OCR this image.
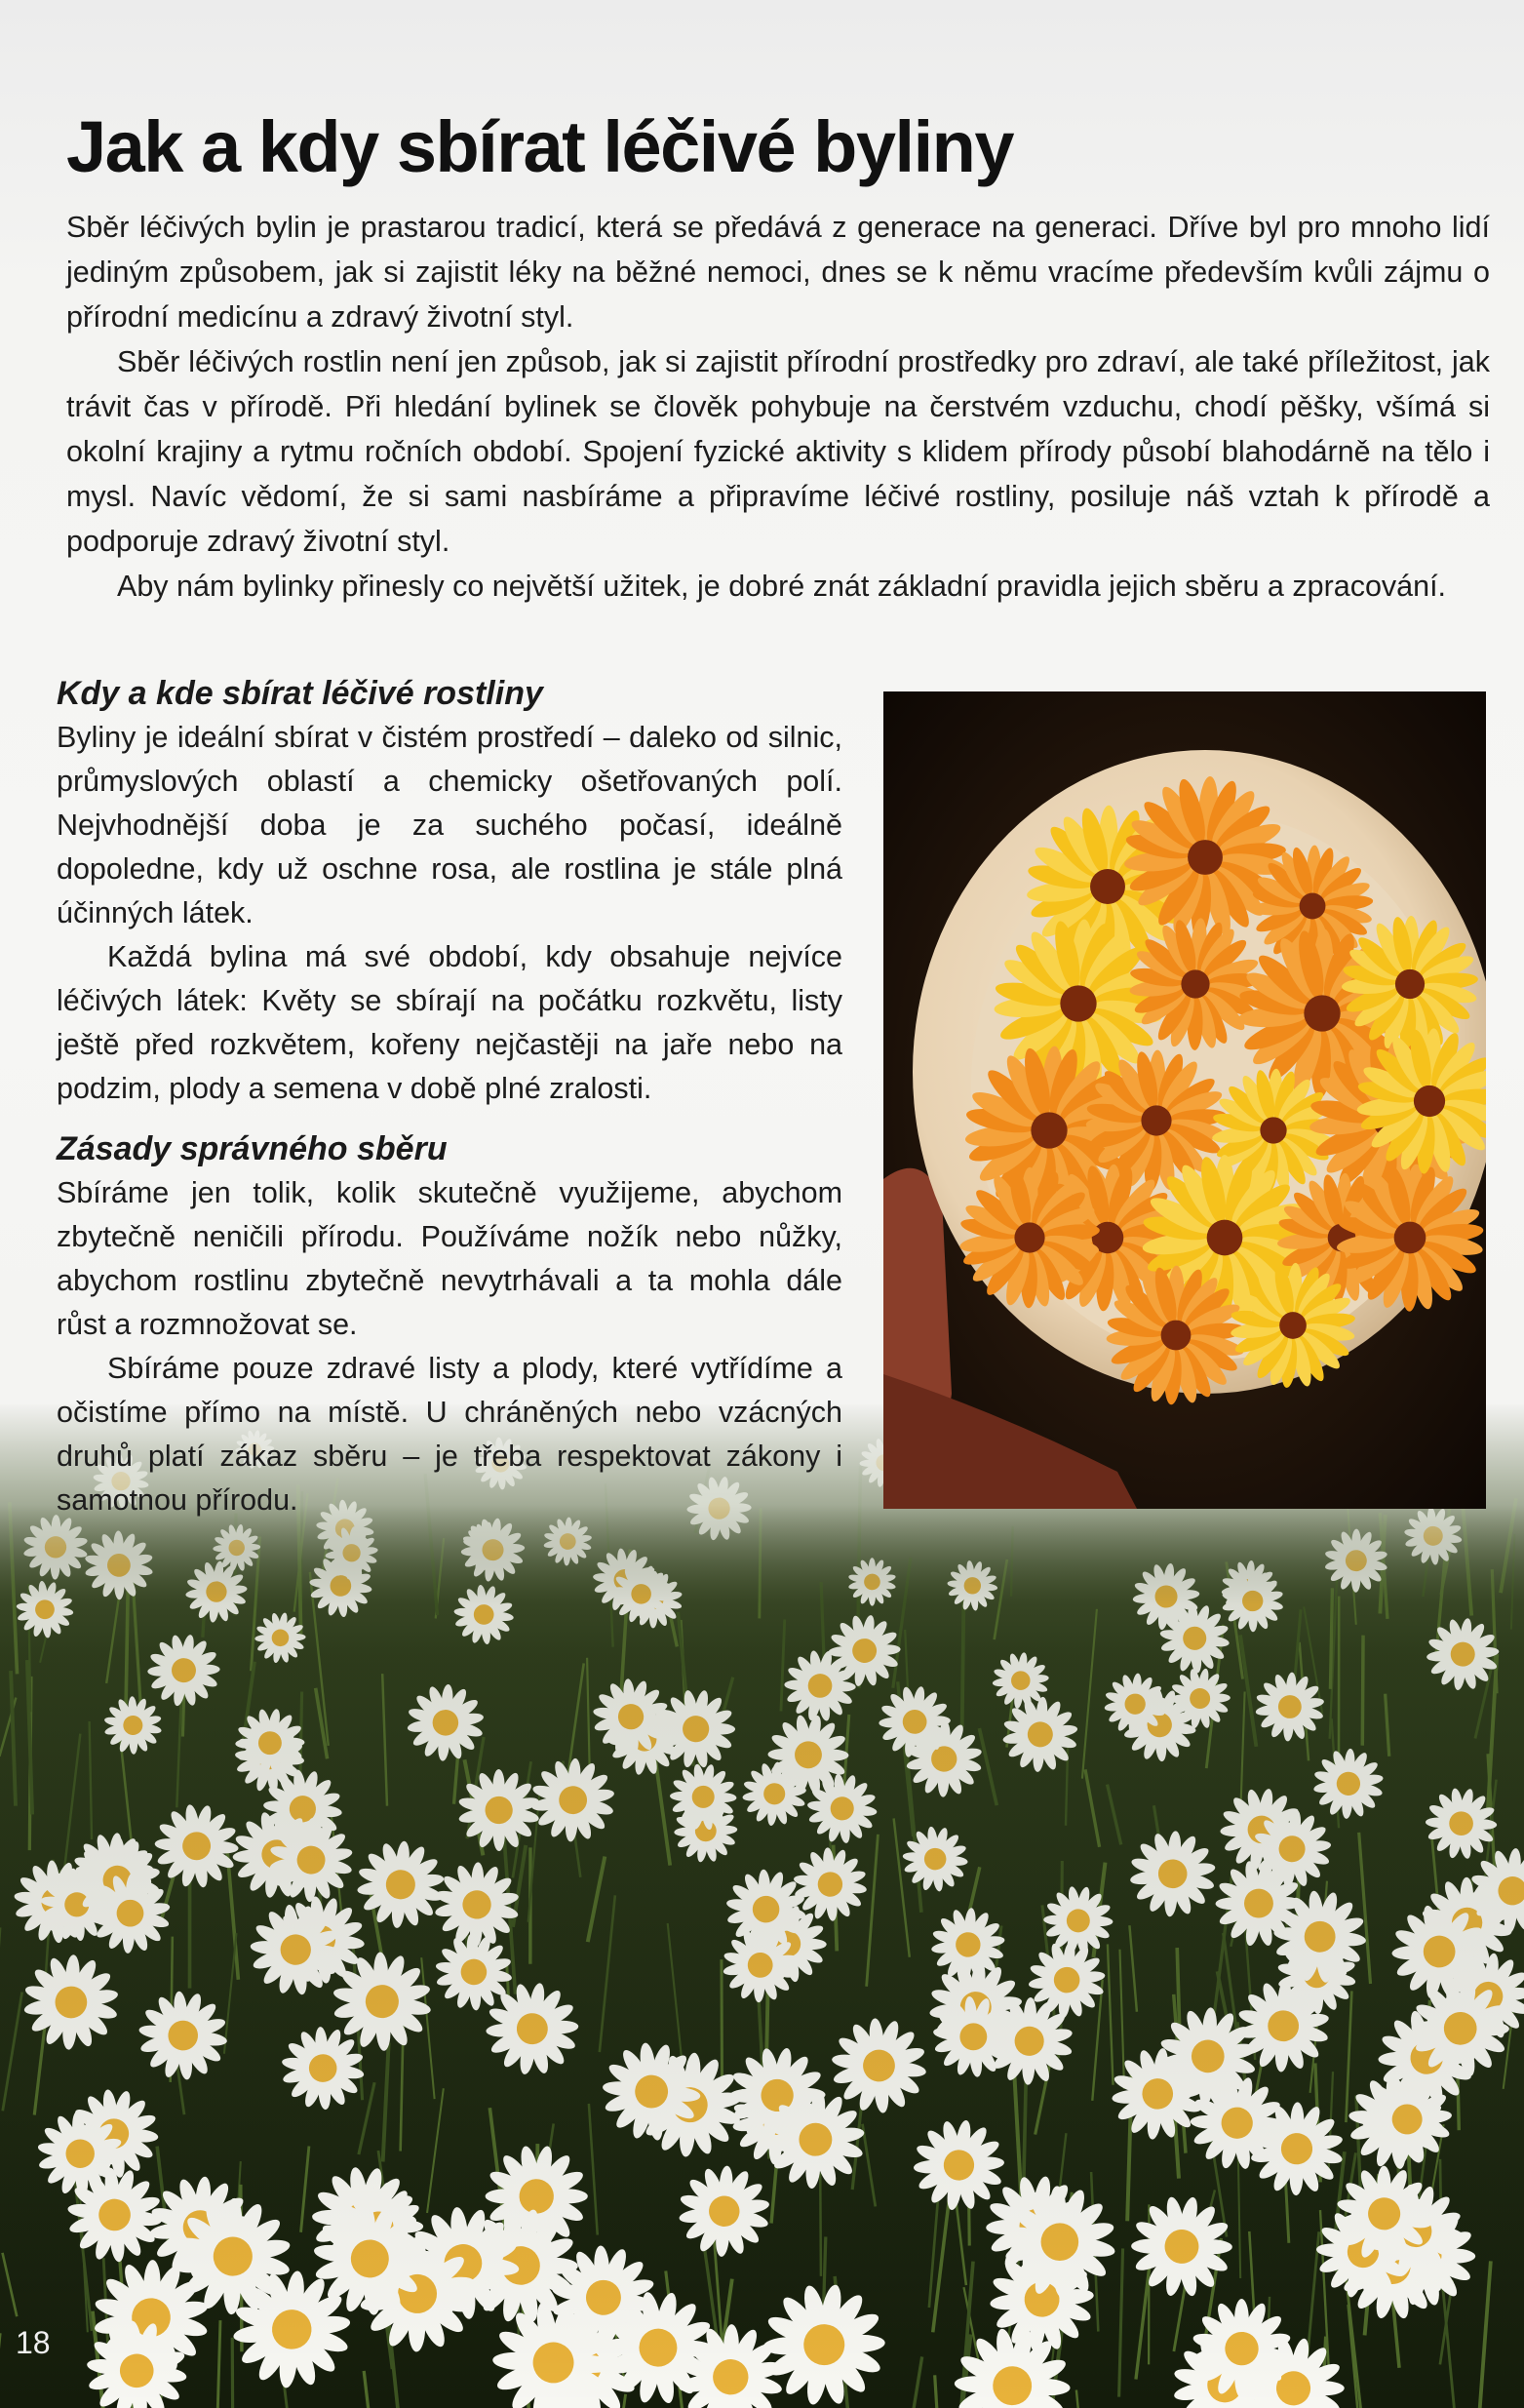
Jak a kdy sbírat léčivé byliny

Sběr léčivých bylin je prastarou tradicí, která se předává z generace na generaci. Dříve byl pro mnoho lidí jediným způsobem, jak si zajistit léky na běžné nemoci, dnes se k němu vracíme především kvůli zájmu o přírodní medicínu a zdravý životní styl.

Sběr léčivých rostlin není jen způsob, jak si zajistit přírodní prostředky pro zdraví, ale také příležitost, jak trávit čas v přírodě. Při hledání bylinek se člověk pohybuje na čerstvém vzduchu, chodí pěšky, všímá si okolní krajiny a rytmu ročních období. Spojení fyzické aktivity s klidem přírody působí blahodárně na tělo i mysl. Navíc vědomí, že si sami nasbíráme a připravíme léčivé rostliny, posiluje náš vztah k přírodě a podporuje zdravý životní styl.

Aby nám bylinky přinesly co největší užitek, je dobré znát základní pravidla jejich sběru a zpracování.

Kdy a kde sbírat léčivé rostliny

Byliny je ideální sbírat v čistém prostředí – daleko od silnic, průmyslových oblastí a chemicky ošetřovaných polí. Nejvhodnější doba je za suchého počasí, ideálně dopoledne, kdy už oschne rosa, ale rostlina je stále plná účinných látek.

Každá bylina má své období, kdy obsahuje nejvíce léčivých látek: Květy se sbírají na počátku rozkvětu, listy ještě před rozkvětem, kořeny nejčastěji na jaře nebo na podzim, plody a semena v době plné zralosti.

Zásady správného sběru

Sbíráme jen tolik, kolik skutečně využijeme, abychom zbytečně neničili přírodu. Používáme nožík nebo nůžky, abychom rostlinu zbytečně nevytrhávali a ta mohla dále růst a rozmnožovat se.

Sbíráme pouze zdravé listy a plody, které vytřídíme a očistíme přímo na místě. U chráněných nebo vzácných druhů platí zákaz sběru – je třeba respektovat zákony i samotnou přírodu.

18
